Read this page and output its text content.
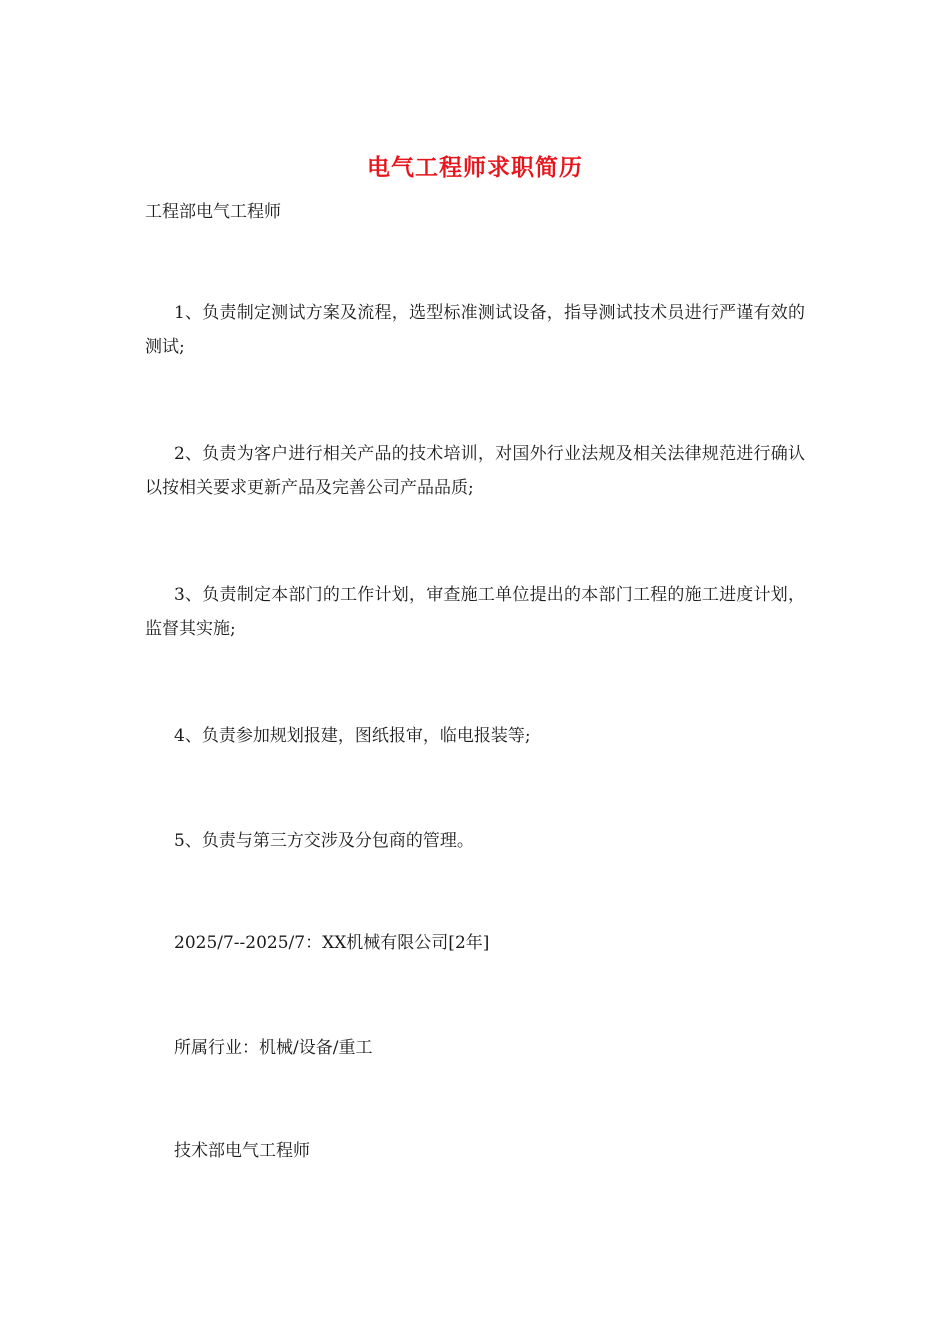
电气工程师求职简历
工程部电气工程师
1、负责制定测试方案及流程，选型标准测试设备，指导测试技术员进行严谨有效的测试;
2、负责为客户进行相关产品的技术培训，对国外行业法规及相关法律规范进行确认以按相关要求更新产品及完善公司产品品质;
3、负责制定本部门的工作计划，审查施工单位提出的本部门工程的施工进度计划，监督其实施;
4、负责参加规划报建，图纸报审，临电报装等;
5、负责与第三方交涉及分包商的管理。
2025/7--2025/7：XX机械有限公司[2年]
所属行业：机械/设备/重工
技术部电气工程师
